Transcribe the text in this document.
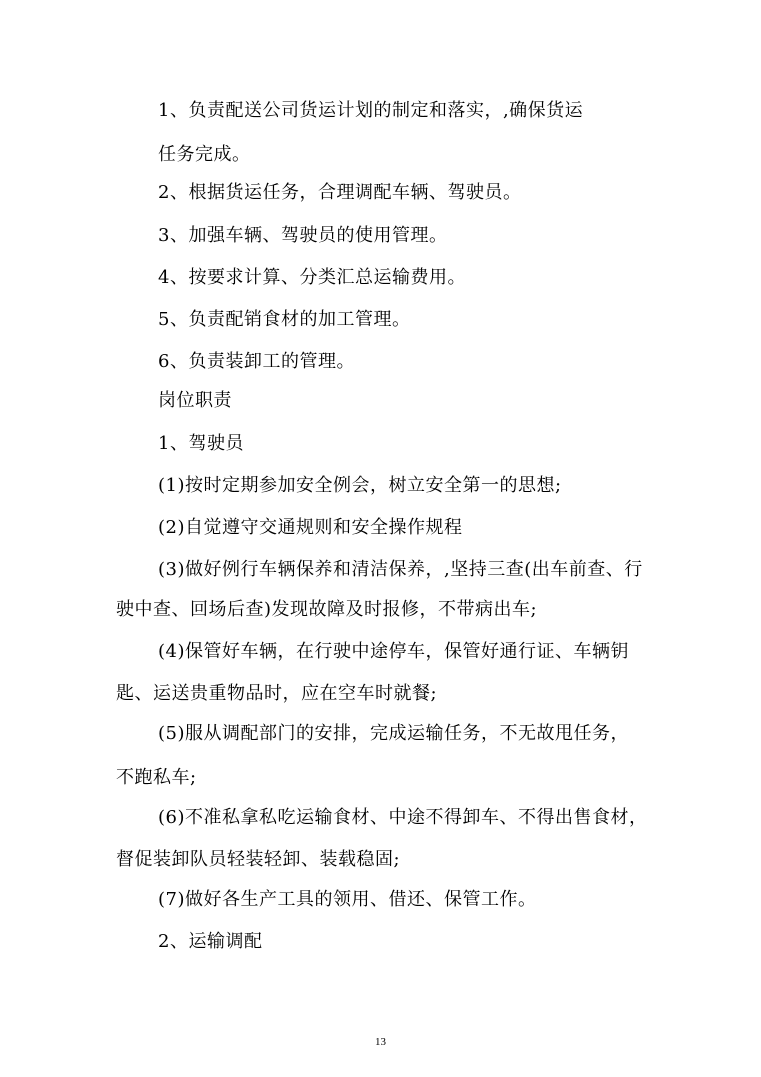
1、负责配送公司货运计划的制定和落实，,确保货运
任务完成。
2、根据货运任务，合理调配车辆、驾驶员。
3、加强车辆、驾驶员的使用管理。
4、按要求计算、分类汇总运输费用。
5、负责配销食材的加工管理。
6、负责装卸工的管理。
岗位职责
1、驾驶员
(1)按时定期参加安全例会，树立安全第一的思想;
(2)自觉遵守交通规则和安全操作规程
(3)做好例行车辆保养和清洁保养，,坚持三查(出车前查、行
驶中查、回场后查)发现故障及时报修，不带病出车;
(4)保管好车辆，在行驶中途停车，保管好通行证、车辆钥
匙、运送贵重物品时，应在空车时就餐;
(5)服从调配部门的安排，完成运输任务，不无故甩任务，
不跑私车;
(6)不准私拿私吃运输食材、中途不得卸车、不得出售食材，
督促装卸队员轻装轻卸、装载稳固;
(7)做好各生产工具的领用、借还、保管工作。
2、运输调配
13
